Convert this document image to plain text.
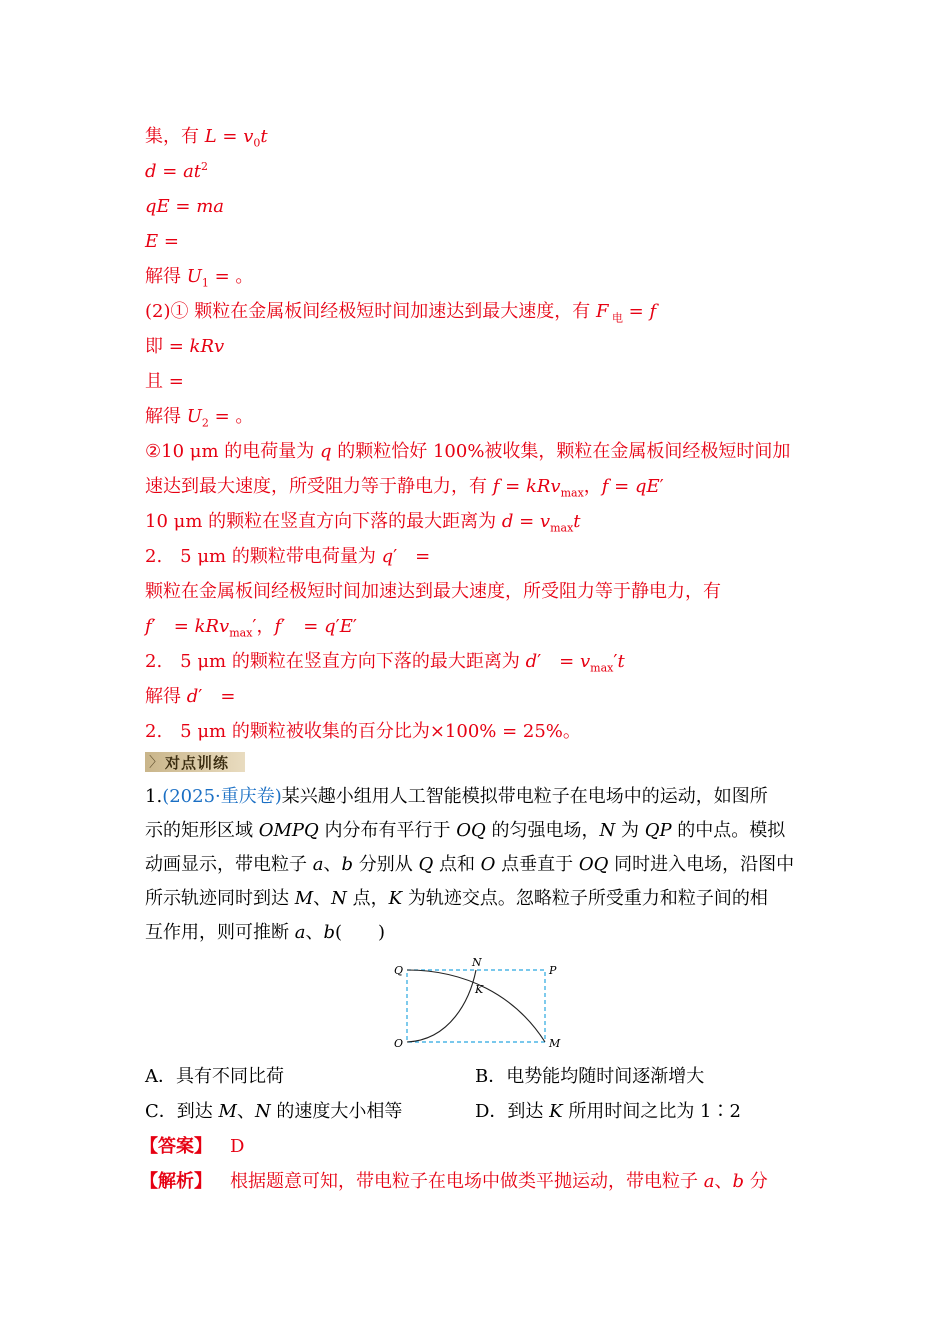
集，有 $L = v_0t$
$d = at^2$
qE = ma
E =
解得 $U_1$ = 。
(2)① 颗粒在金属板间经极短时间加速达到最大速度，有 F $_电$ = f
即 = kRv
且 =
解得 $U_2$ = 。
②10 μm 的电荷量为 q 的颗粒恰好 100%被收集，颗粒在金属板间经极短时间加
速达到最大速度，所受阻力等于静电力，有 f = kRv$_{max}$，f = qE′
10 μm 的颗粒在竖直方向下落的最大距离为 $d = v_{max}t$
2.　5 μm 的颗粒带电荷量为 q′　=
颗粒在金属板间经极短时间加速达到最大速度，所受阻力等于静电力，有
f′　= kRv$_{max}$′，f′　= q′E′
2.　5 μm 的颗粒在竖直方向下落的最大距离为 d′　= $v_{max}'t$
解得 d′　=
2.　5 μm 的颗粒被收集的百分比为×100% = 25%。
〉 对点训练
1.(2025·重庆卷)某兴趣小组用人工智能模拟带电粒子在电场中的运动，如图所
示的矩形区域 OMPQ 内分布有平行于 OQ 的匀强电场，N 为 QP 的中点。模拟
动画显示，带电粒子 a、b 分别从 Q 点和 O 点垂直于 OQ 同时进入电场，沿图中
所示轨迹同时到达 M、N 点，K 为轨迹交点。忽略粒子所受重力和粒子间的相
互作用，则可推断 a、b(　　)
Q
N
P
K
O	M
A．具有不同比荷	B．电势能均随时间逐渐增大
C．到达 M、N 的速度大小相等	D．到达 K 所用时间之比为 1∶2
【答案】 D
【解析】 根据题意可知，带电粒子在电场中做类平抛运动，带电粒子 a、b 分
